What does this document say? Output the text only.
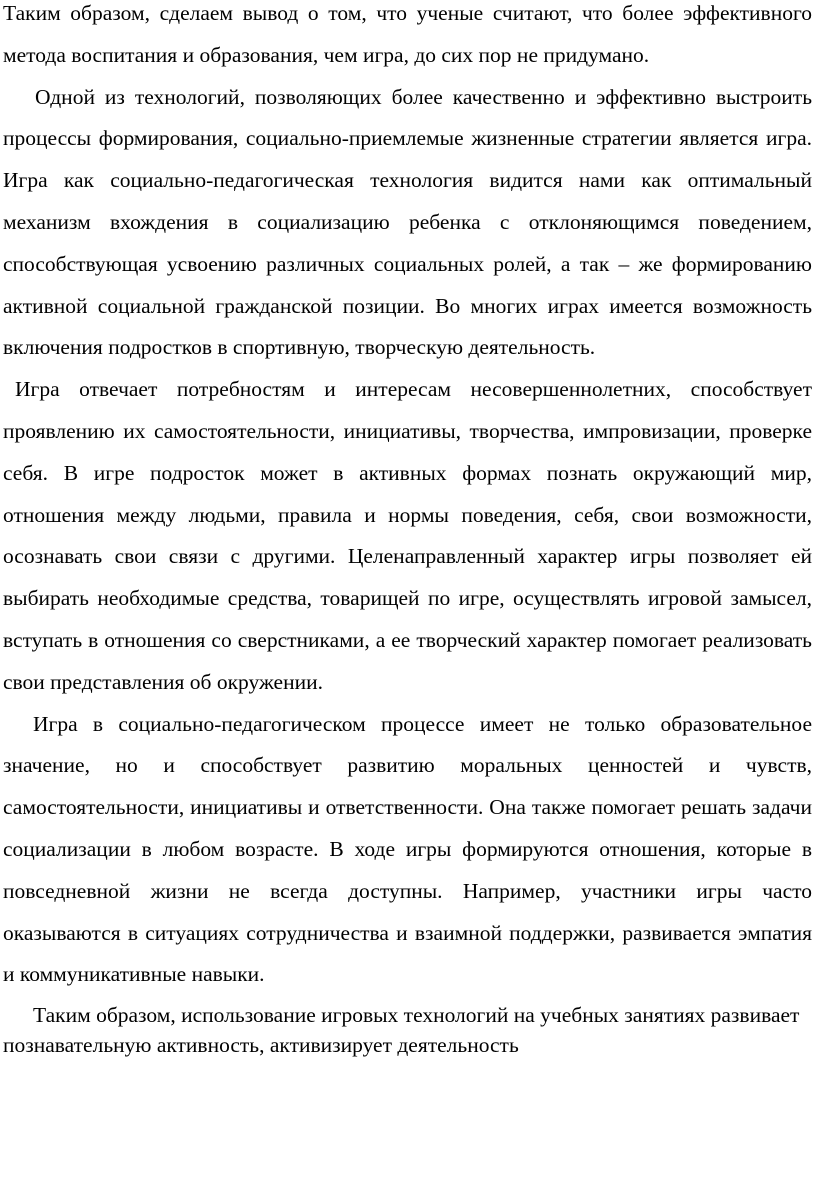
Таким образом, сделаем вывод о том, что ученые считают, что более эффективного метода воспитания и образования, чем игра, до сих пор не придумано.

Одной из технологий, позволяющих более качественно и эффективно выстроить процессы формирования, социально-приемлемые жизненные стратегии является игра. Игра как социально-педагогическая технология видится нами как оптимальный механизм вхождения в социализацию ребенка с отклоняющимся поведением, способствующая усвоению различных социальных ролей, а так – же формированию активной социальной гражданской позиции. Во многих играх имеется возможность включения подростков в спортивную, творческую деятельность.

Игра отвечает потребностям и интересам несовершеннолетних, способствует проявлению их самостоятельности, инициативы, творчества, импровизации, проверке себя. В игре подросток может в активных формах познать окружающий мир, отношения между людьми, правила и нормы поведения, себя, свои возможности, осознавать свои связи с другими. Целенаправленный характер игры позволяет ей выбирать необходимые средства, товарищей по игре, осуществлять игровой замысел, вступать в отношения со сверстниками, а ее творческий характер помогает реализовать свои представления об окружении.

Игра в социально-педагогическом процессе имеет не только образовательное значение, но и способствует развитию моральных ценностей и чувств, самостоятельности, инициативы и ответственности. Она также помогает решать задачи социализации в любом возрасте. В ходе игры формируются отношения, которые в повседневной жизни не всегда доступны. Например, участники игры часто оказываются в ситуациях сотрудничества и взаимной поддержки, развивается эмпатия и коммуникативные навыки.

Таким образом, использование игровых технологий на учебных занятиях развивает познавательную активность, активизирует деятельность
